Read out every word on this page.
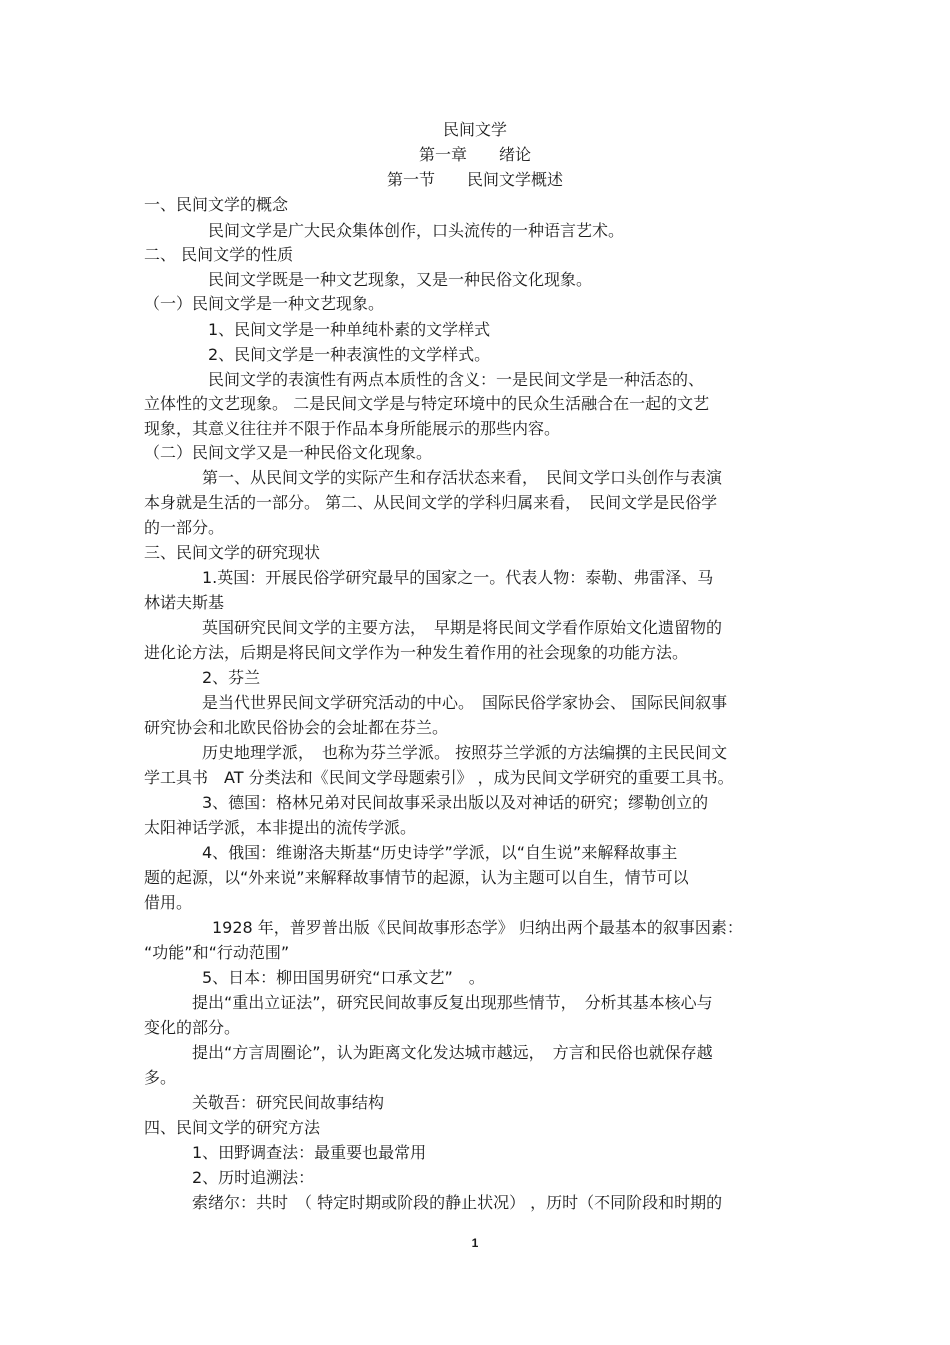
民间文学
第一章　　绪论
第一节　　民间文学概述
一、民间文学的概念
民间文学是广大民众集体创作，口头流传的一种语言艺术。
二、 民间文学的性质
民间文学既是一种文艺现象，又是一种民俗文化现象。
（一）民间文学是一种文艺现象。
1、民间文学是一种单纯朴素的文学样式
2、民间文学是一种表演性的文学样式。
民间文学的表演性有两点本质性的含义：一是民间文学是一种活态的、
立体性的文艺现象。 二是民间文学是与特定环境中的民众生活融合在一起的文艺
现象，其意义往往并不限于作品本身所能展示的那些内容。
（二）民间文学又是一种民俗文化现象。
第一、从民间文学的实际产生和存活状态来看，　民间文学口头创作与表演
本身就是生活的一部分。 第二、从民间文学的学科归属来看，　民间文学是民俗学
的一部分。
三、民间文学的研究现状
1.英国：开展民俗学研究最早的国家之一。代表人物：泰勒、弗雷泽、马
林诺夫斯基
英国研究民间文学的主要方法，　早期是将民间文学看作原始文化遗留物的
进化论方法，后期是将民间文学作为一种发生着作用的社会现象的功能方法。
2、芬兰
是当代世界民间文学研究活动的中心。　国际民俗学家协会、 国际民间叙事
研究协会和北欧民俗协会的会址都在芬兰。
历史地理学派，　也称为芬兰学派。 按照芬兰学派的方法编撰的主民民间文
学工具书　AT 分类法和《民间文学母题索引》 ，成为民间文学研究的重要工具书。
3、德国：格林兄弟对民间故事采录出版以及对神话的研究；缪勒创立的
太阳神话学派，本非提出的流传学派。
4、俄国：维谢洛夫斯基“历史诗学”学派，以“自生说”来解释故事主
题的起源，以“外来说”来解释故事情节的起源，认为主题可以自生，情节可以
借用。
1928 年，普罗普出版《民间故事形态学》 归纳出两个最基本的叙事因素：
“功能”和“行动范围”
5、日本：柳田国男研究“口承文艺”　。
提出“重出立证法”，研究民间故事反复出现那些情节，　分析其基本核心与
变化的部分。
提出“方言周圈论”，认为距离文化发达城市越远，　方言和民俗也就保存越
多。
关敬吾：研究民间故事结构
四、民间文学的研究方法
1、田野调查法：最重要也最常用
2、历时追溯法：
索绪尔：共时　（ 特定时期或阶段的静止状况） ，历时（不同阶段和时期的
1
